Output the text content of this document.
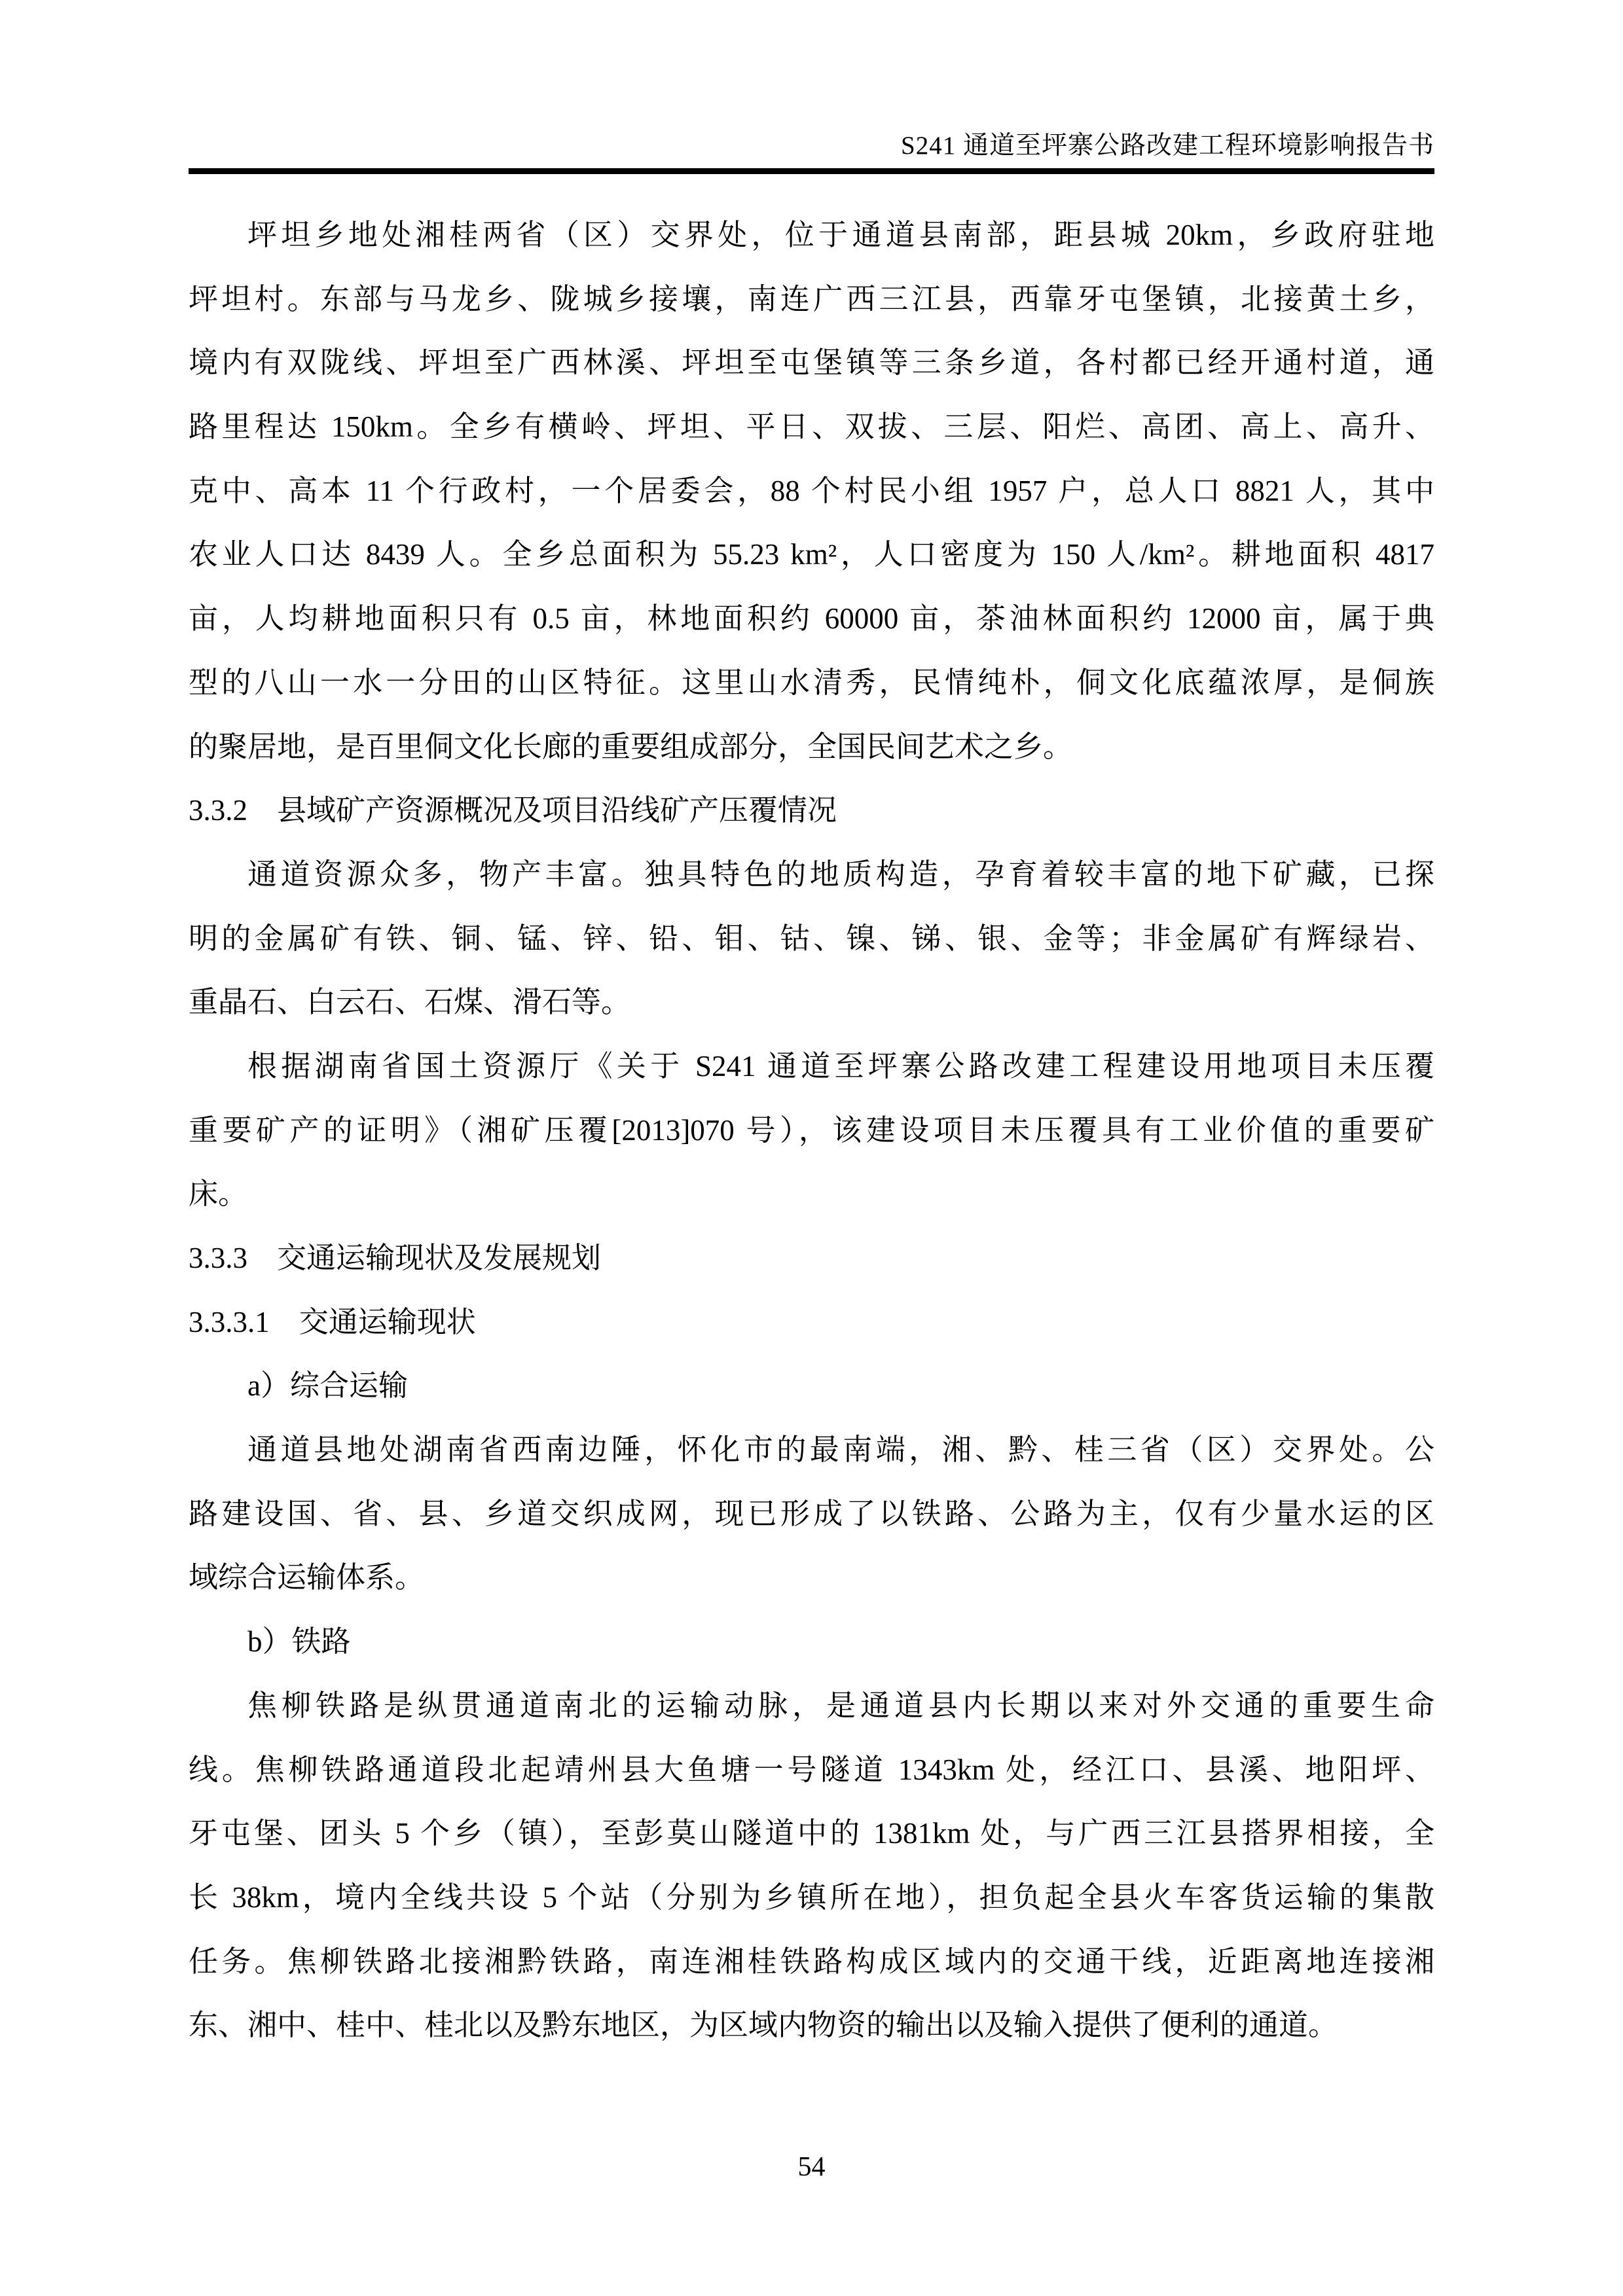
S241 通道至坪寨公路改建工程环境影响报告书
坪坦乡地处湘桂两省（区）交界处，位于通道县南部，距县城 20km，乡政府驻地
坪坦村。东部与马龙乡、陇城乡接壤，南连广西三江县，西靠牙屯堡镇，北接黄土乡，
境内有双陇线、坪坦至广西林溪、坪坦至屯堡镇等三条乡道，各村都已经开通村道，通
路里程达 150km。全乡有横岭、坪坦、平日、双拔、三层、阳烂、高团、高上、高升、
克中、高本 11 个行政村，一个居委会，88 个村民小组 1957 户，总人口 8821 人，其中
农业人口达 8439 人。全乡总面积为 55.23 km²，人口密度为 150 人/km²。耕地面积 4817
亩，人均耕地面积只有 0.5 亩，林地面积约 60000 亩，茶油林面积约 12000 亩，属于典
型的八山一水一分田的山区特征。这里山水清秀，民情纯朴，侗文化底蕴浓厚，是侗族
的聚居地，是百里侗文化长廊的重要组成部分，全国民间艺术之乡。
3.3.2　县域矿产资源概况及项目沿线矿产压覆情况
通道资源众多，物产丰富。独具特色的地质构造，孕育着较丰富的地下矿藏，已探
明的金属矿有铁、铜、锰、锌、铅、钼、钴、镍、锑、银、金等；非金属矿有辉绿岩、
重晶石、白云石、石煤、滑石等。
根据湖南省国土资源厅《关于 S241 通道至坪寨公路改建工程建设用地项目未压覆
重要矿产的证明》（湘矿压覆[2013]070 号），该建设项目未压覆具有工业价值的重要矿
床。
3.3.3　交通运输现状及发展规划
3.3.3.1　交通运输现状
a）综合运输
通道县地处湖南省西南边陲，怀化市的最南端，湘、黔、桂三省（区）交界处。公
路建设国、省、县、乡道交织成网，现已形成了以铁路、公路为主，仅有少量水运的区
域综合运输体系。
b）铁路
焦柳铁路是纵贯通道南北的运输动脉，是通道县内长期以来对外交通的重要生命
线。焦柳铁路通道段北起靖州县大鱼塘一号隧道 1343km 处，经江口、县溪、地阳坪、
牙屯堡、团头 5 个乡（镇），至彭莫山隧道中的 1381km 处，与广西三江县搭界相接，全
长 38km，境内全线共设 5 个站（分别为乡镇所在地），担负起全县火车客货运输的集散
任务。焦柳铁路北接湘黔铁路，南连湘桂铁路构成区域内的交通干线，近距离地连接湘
东、湘中、桂中、桂北以及黔东地区，为区域内物资的输出以及输入提供了便利的通道。
54
